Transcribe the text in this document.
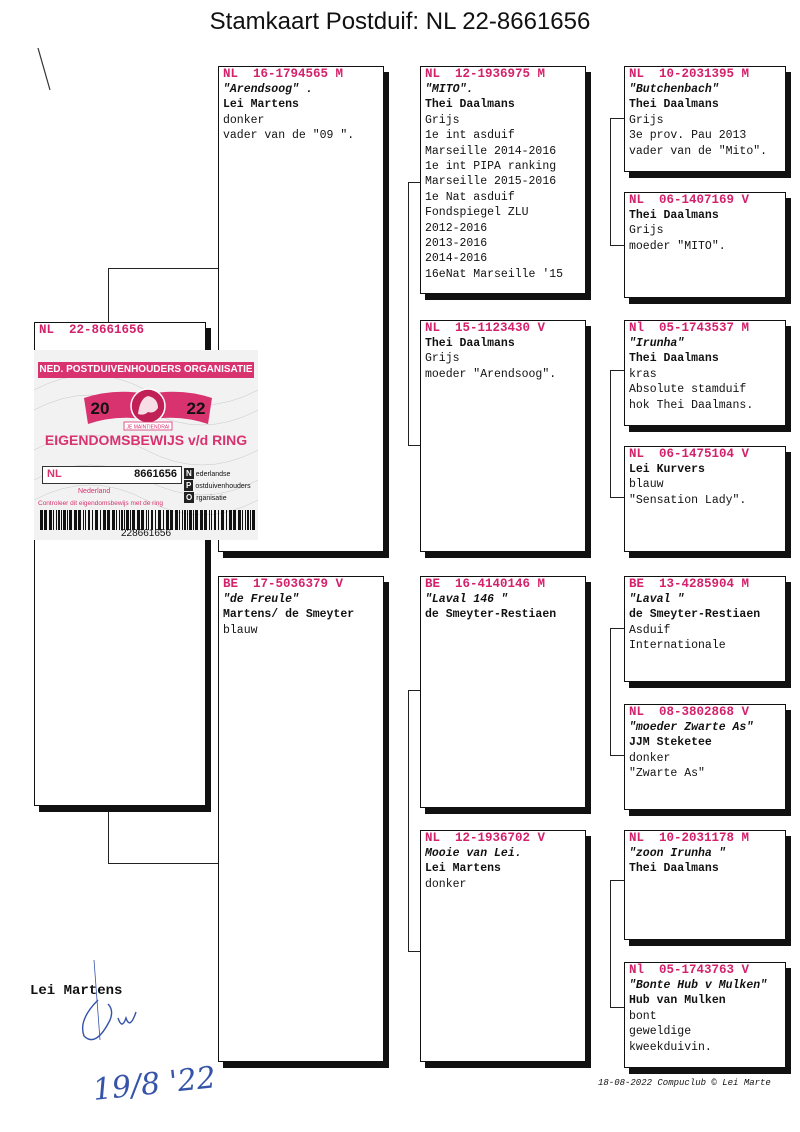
Stamkaart Postduif: NL 22-8661656
NL 22-8661656
NL 16-1794565 M
"Arendsoog" .
Lei Martens
donker
vader van de "09 ".
BE 17-5036379 V
"de Freule"
Martens/ de Smeyter
blauw
NL 12-1936975 M
"MITO".
Thei Daalmans
Grijs
1e int asduif
Marseille 2014-2016
1e int PIPA ranking
Marseille 2015-2016
1e Nat asduif
Fondspiegel ZLU
2012-2016
2013-2016
2014-2016
16eNat Marseille '15
NL 15-1123430 V
Thei Daalmans
Grijs
moeder "Arendsoog".
BE 16-4140146 M
"Laval 146 "
de Smeyter-Restiaen
NL 12-1936702 V
Mooie van Lei.
Lei Martens
donker
NL 10-2031395 M
"Butchenbach"
Thei Daalmans
Grijs
3e prov. Pau 2013
vader van de "Mito".
NL 06-1407169 V
Thei Daalmans
Grijs
moeder "MITO".
Nl 05-1743537 M
"Irunha"
Thei Daalmans
kras
Absolute stamduif
hok Thei Daalmans.
NL 06-1475104 V
Lei Kurvers
blauw
"Sensation Lady".
BE 13-4285904 M
"Laval "
de Smeyter-Restiaen
Asduif
Internationale
NL 08-3802868 V
"moeder Zwarte As"
JJM Steketee
donker
"Zwarte As"
NL 10-2031178 M
"zoon Irunha "
Thei Daalmans
Nl 05-1743763 V
"Bonte Hub v Mulken"
Hub van Mulken
bont
geweldige
kweekduivin.
NED. POSTDUIVENHOUDERS ORGANISATIE
JE MAINTIENDRAI
20	22
EIGENDOMSBEWIJS v/d RING
NL	8661656 N ederlandse
P ostduivenhouders
O rganisatie
Nederland
Controleer dit eigendomsbewijs met de ring
228661656
Lei Martens
19/8 '22	18-08-2022 Compuclub © Lei Marte
